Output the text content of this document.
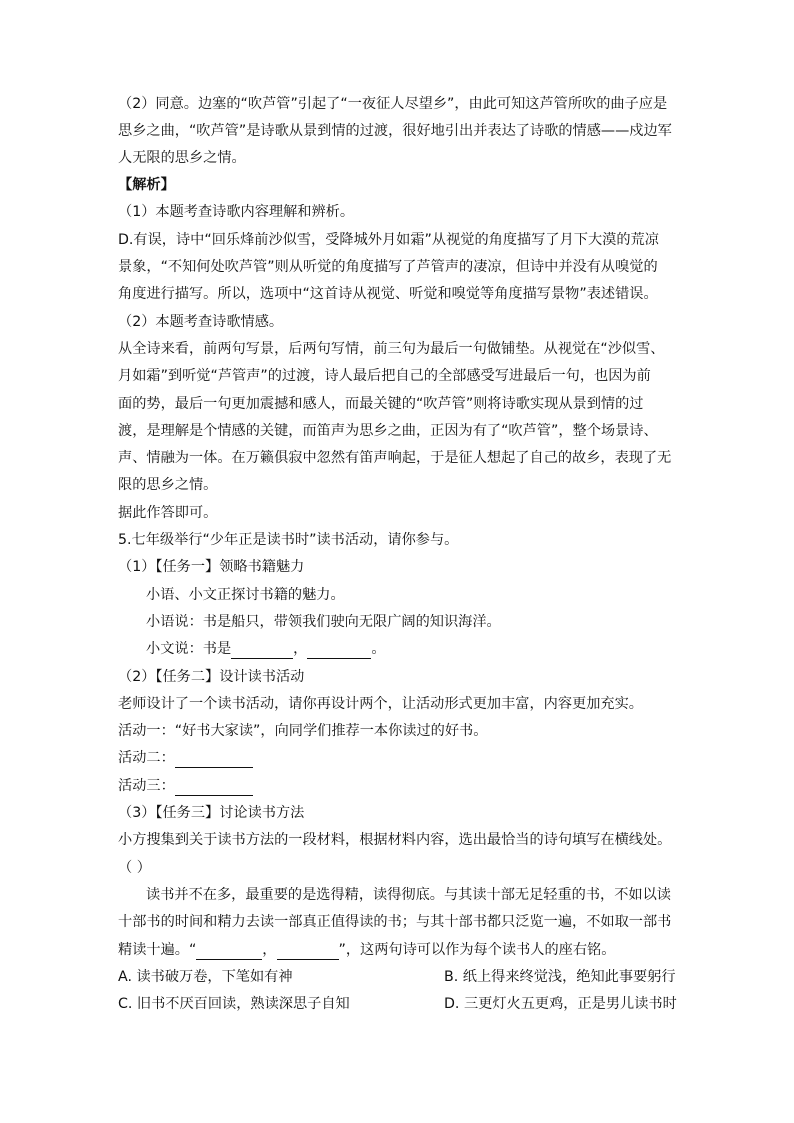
（2）同意。边塞的“吹芦管”引起了“一夜征人尽望乡”，由此可知这芦管所吹的曲子应是
思乡之曲，“吹芦管”是诗歌从景到情的过渡，很好地引出并表达了诗歌的情感——戍边军
人无限的思乡之情。
【解析】
（1）本题考查诗歌内容理解和辨析。
D.有误，诗中“回乐烽前沙似雪，受降城外月如霜”从视觉的角度描写了月下大漠的荒凉
景象，“不知何处吹芦管”则从听觉的角度描写了芦管声的凄凉，但诗中并没有从嗅觉的
角度进行描写。所以，选项中“这首诗从视觉、听觉和嗅觉等角度描写景物”表述错误。
（2）本题考查诗歌情感。
从全诗来看，前两句写景，后两句写情，前三句为最后一句做铺垫。从视觉在“沙似雪、
月如霜”到听觉“芦管声”的过渡，诗人最后把自己的全部感受写进最后一句，也因为前
面的势，最后一句更加震撼和感人，而最关键的“吹芦管”则将诗歌实现从景到情的过
渡，是理解是个情感的关键，而笛声为思乡之曲，正因为有了“吹芦管”，整个场景诗、
声、情融为一体。在万籁俱寂中忽然有笛声响起，于是征人想起了自己的故乡，表现了无
限的思乡之情。
据此作答即可。
5.七年级举行“少年正是读书时”读书活动，请你参与。
（1）【任务一】领略书籍魅力
小语、小文正探讨书籍的魅力。
小语说：书是船只，带领我们驶向无限广阔的知识海洋。
小文说：书是	，	。
（2）【任务二】设计读书活动
老师设计了一个读书活动，请你再设计两个，让活动形式更加丰富，内容更加充实。
活动一：“好书大家读”，向同学们推荐一本你读过的好书。
活动二：
活动三：
（3）【任务三】讨论读书方法
小方搜集到关于读书方法的一段材料，根据材料内容，选出最恰当的诗句填写在横线处。
（ ）
读书并不在多，最重要的是选得精，读得彻底。与其读十部无足轻重的书，不如以读
十部书的时间和精力去读一部真正值得读的书；与其十部书都只泛览一遍，不如取一部书
精读十遍。“	，	”，这两句诗可以作为每个读书人的座右铭。
A. 读书破万卷，下笔如有神	B. 纸上得来终觉浅，绝知此事要躬行
C. 旧书不厌百回读，熟读深思子自知	D. 三更灯火五更鸡，正是男儿读书时
